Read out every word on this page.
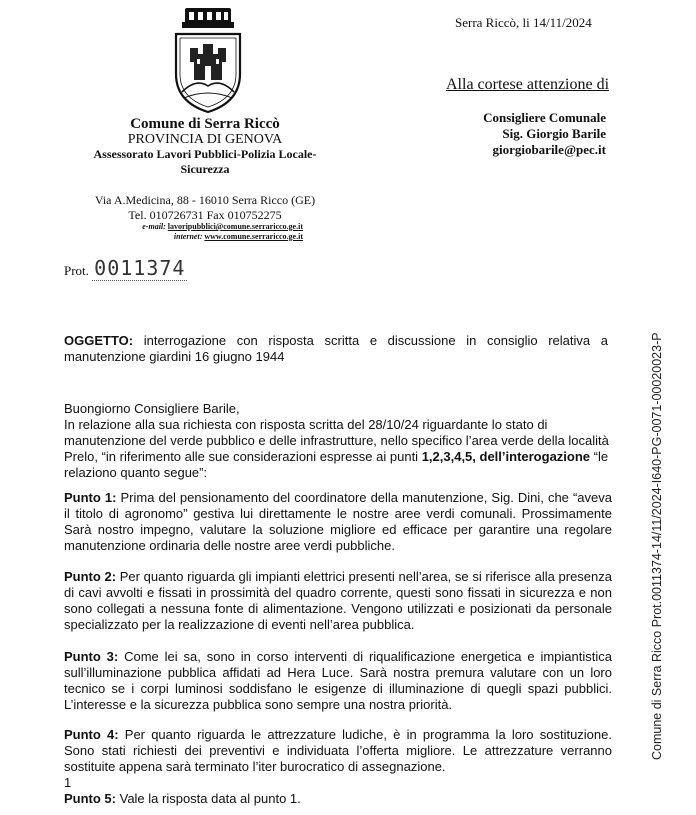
Serra Riccò, li 14/11/2024
Alla cortese attenzione di
Consigliere Comunale
Sig. Giorgio Barile
giorgiobarile@pec.it
Comune di Serra Riccò
PROVINCIA DI GENOVA
Assessorato Lavori Pubblici-Polizia Locale-
Sicurezza
Via A.Medicina, 88 - 16010 Serra Ricco (GE)
Tel. 010726731 Fax 010752275
e-mail: lavoripubblici@comune.serraricco.ge.it
internet: www.comune.serraricco.ge.it
Prot. 0011374
Comune di Serra Ricco Prot.0011374-14/11/2024-I640-PG-0071-00020023-P
OGGETTO: interrogazione con risposta scritta e discussione in consiglio relativa a manutenzione giardini 16 giugno 1944
Buongiorno Consigliere Barile,
In relazione alla sua richiesta con risposta scritta del 28/10/24 riguardante lo stato di manutenzione del verde pubblico e delle infrastrutture, nello specifico l’area verde della località Prelo, “in riferimento alle sue considerazioni espresse ai punti 1,2,3,4,5, dell’interogazione “le relaziono quanto segue”:
Punto 1: Prima del pensionamento del coordinatore della manutenzione, Sig. Dini, che “aveva il titolo di agronomo” gestiva lui direttamente le nostre aree verdi comunali. Prossimamente Sarà nostro impegno, valutare la soluzione migliore ed efficace per garantire una regolare manutenzione ordinaria delle nostre aree verdi pubbliche.
Punto 2: Per quanto riguarda gli impianti elettrici presenti nell’area, se si riferisce alla presenza di cavi avvolti e fissati in prossimità del quadro corrente, questi sono fissati in sicurezza e non sono collegati a nessuna fonte di alimentazione. Vengono utilizzati e posizionati da personale specializzato per la realizzazione di eventi nell’area pubblica.
Punto 3: Come lei sa, sono in corso interventi di riqualificazione energetica e impiantistica sull’illuminazione pubblica affidati ad Hera Luce. Sarà nostra premura valutare con un loro tecnico se i corpi luminosi soddisfano le esigenze di illuminazione di quegli spazi pubblici. L’interesse e la sicurezza pubblica sono sempre una nostra priorità.
Punto 4: Per quanto riguarda le attrezzature ludiche, è in programma la loro sostituzione. Sono stati richiesti dei preventivi e individuata l’offerta migliore. Le attrezzature verranno sostituite appena sarà terminato l’iter burocratico di assegnazione.
1
Punto 5: Vale la risposta data al punto 1.
